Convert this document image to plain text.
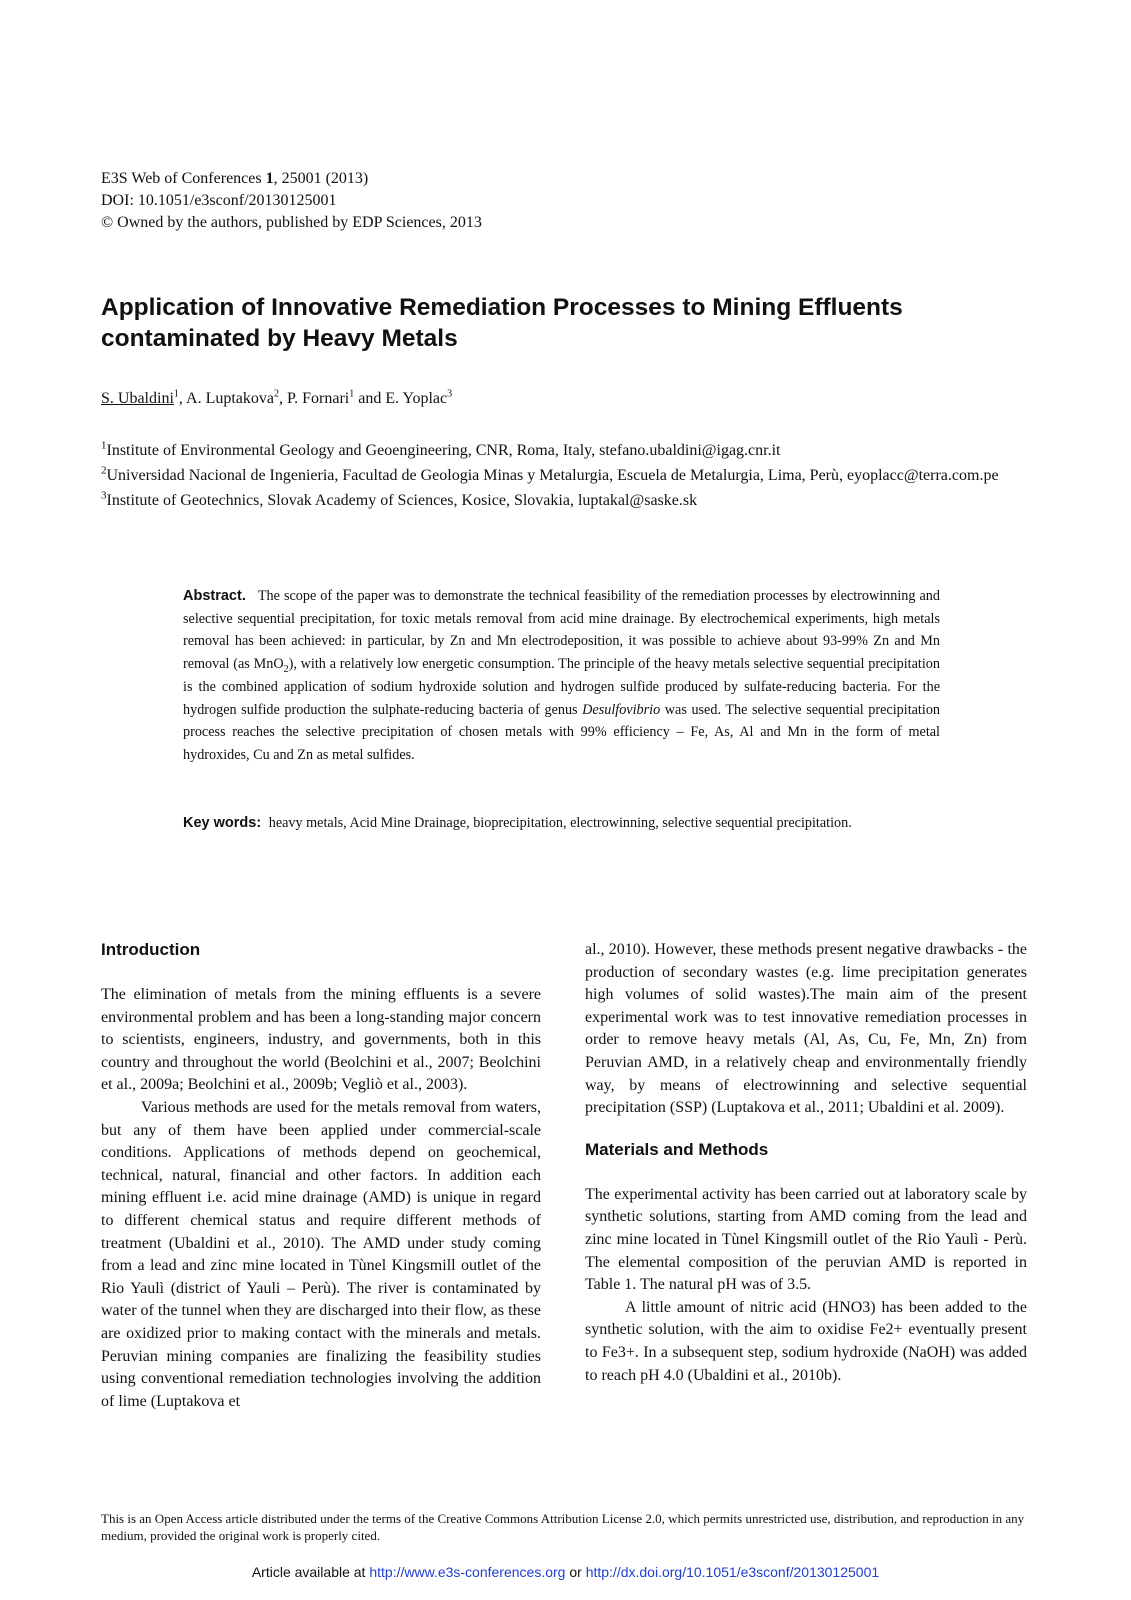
E3S Web of Conferences 1, 25001 (2013)
DOI: 10.1051/e3sconf/20130125001
© Owned by the authors, published by EDP Sciences, 2013
Application of Innovative Remediation Processes to Mining Effluents contaminated by Heavy Metals
S. Ubaldini$^1$, A. Luptakova$^2$, P. Fornari$^1$ and E. Yoplac$^3$
$^1$Institute of Environmental Geology and Geoengineering, CNR, Roma, Italy, stefano.ubaldini@igag.cnr.it
$^2$Universidad Nacional de Ingenieria, Facultad de Geologia Minas y Metalurgia, Escuela de Metalurgia, Lima, Perù, eyoplacc@terra.com.pe
$^3$Institute of Geotechnics, Slovak Academy of Sciences, Kosice, Slovakia, luptakal@saske.sk
Abstract. The scope of the paper was to demonstrate the technical feasibility of the remediation processes by electrowinning and selective sequential precipitation, for toxic metals removal from acid mine drainage. By electrochemical experiments, high metals removal has been achieved: in particular, by Zn and Mn electrodeposition, it was possible to achieve about 93-99% Zn and Mn removal (as MnO$_2$), with a relatively low energetic consumption. The principle of the heavy metals selective sequential precipitation is the combined application of sodium hydroxide solution and hydrogen sulfide produced by sulfate-reducing bacteria. For the hydrogen sulfide production the sulphate-reducing bacteria of genus Desulfovibrio was used. The selective sequential precipitation process reaches the selective precipitation of chosen metals with 99% efficiency – Fe, As, Al and Mn in the form of metal hydroxides, Cu and Zn as metal sulfides.
Key words: heavy metals, Acid Mine Drainage, bioprecipitation, electrowinning, selective sequential precipitation.
Introduction

The elimination of metals from the mining effluents is a severe environmental problem and has been a long-standing major concern to scientists, engineers, industry, and governments, both in this country and throughout the world (Beolchini et al., 2007; Beolchini et al., 2009a; Beolchini et al., 2009b; Vegliò et al., 2003).

Various methods are used for the metals removal from waters, but any of them have been applied under commercial-scale conditions. Applications of methods depend on geochemical, technical, natural, financial and other factors. In addition each mining effluent i.e. acid mine drainage (AMD) is unique in regard to different chemical status and require different methods of treatment (Ubaldini et al., 2010). The AMD under study coming from a lead and zinc mine located in Tùnel Kingsmill outlet of the Rio Yaulì (district of Yauli – Perù). The river is contaminated by water of the tunnel when they are discharged into their flow, as these are oxidized prior to making contact with the minerals and metals. Peruvian mining companies are finalizing the feasibility studies using conventional remediation technologies involving the addition of lime (Luptakova et

al., 2010). However, these methods present negative drawbacks - the production of secondary wastes (e.g. lime precipitation generates high volumes of solid wastes).The main aim of the present experimental work was to test innovative remediation processes in order to remove heavy metals (Al, As, Cu, Fe, Mn, Zn) from Peruvian AMD, in a relatively cheap and environmentally friendly way, by means of electrowinning and selective sequential precipitation (SSP) (Luptakova et al., 2011; Ubaldini et al. 2009).

Materials and Methods

The experimental activity has been carried out at laboratory scale by synthetic solutions, starting from AMD coming from the lead and zinc mine located in Tùnel Kingsmill outlet of the Rio Yaulì - Perù. The elemental composition of the peruvian AMD is reported in Table 1. The natural pH was of 3.5.

A little amount of nitric acid (HNO3) has been added to the synthetic solution, with the aim to oxidise Fe2+ eventually present to Fe3+. In a subsequent step, sodium hydroxide (NaOH) was added to reach pH 4.0 (Ubaldini et al., 2010b).

This is an Open Access article distributed under the terms of the Creative Commons Attribution License 2.0, which permits unrestricted use, distribution, and reproduction in any medium, provided the original work is properly cited.
Article available at http://www.e3s-conferences.org or http://dx.doi.org/10.1051/e3sconf/20130125001
